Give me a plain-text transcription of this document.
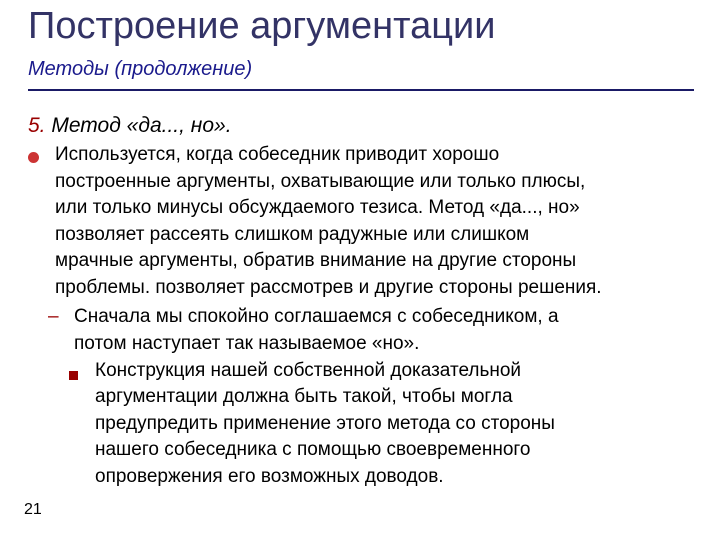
Построение аргументации
Методы (продолжение)
5. Метод «да..., но».
Используется, когда собеседник приводит хорошо
построенные аргументы, охватывающие или только плюсы,
или только минусы обсуждаемого тезиса. Метод «да..., но»
позволяет рассеять слишком радужные или слишком
мрачные аргументы, обратив внимание на другие стороны
проблемы. позволяет рассмотрев и другие стороны решения.
– Сначала мы спокойно соглашаемся с собеседником, а
потом наступает так называемое «но».
Конструкция нашей собственной доказательной
аргументации должна быть такой, чтобы могла
предупредить применение этого метода со стороны
нашего собеседника с помощью своевременного
опровержения его возможных доводов.
21
